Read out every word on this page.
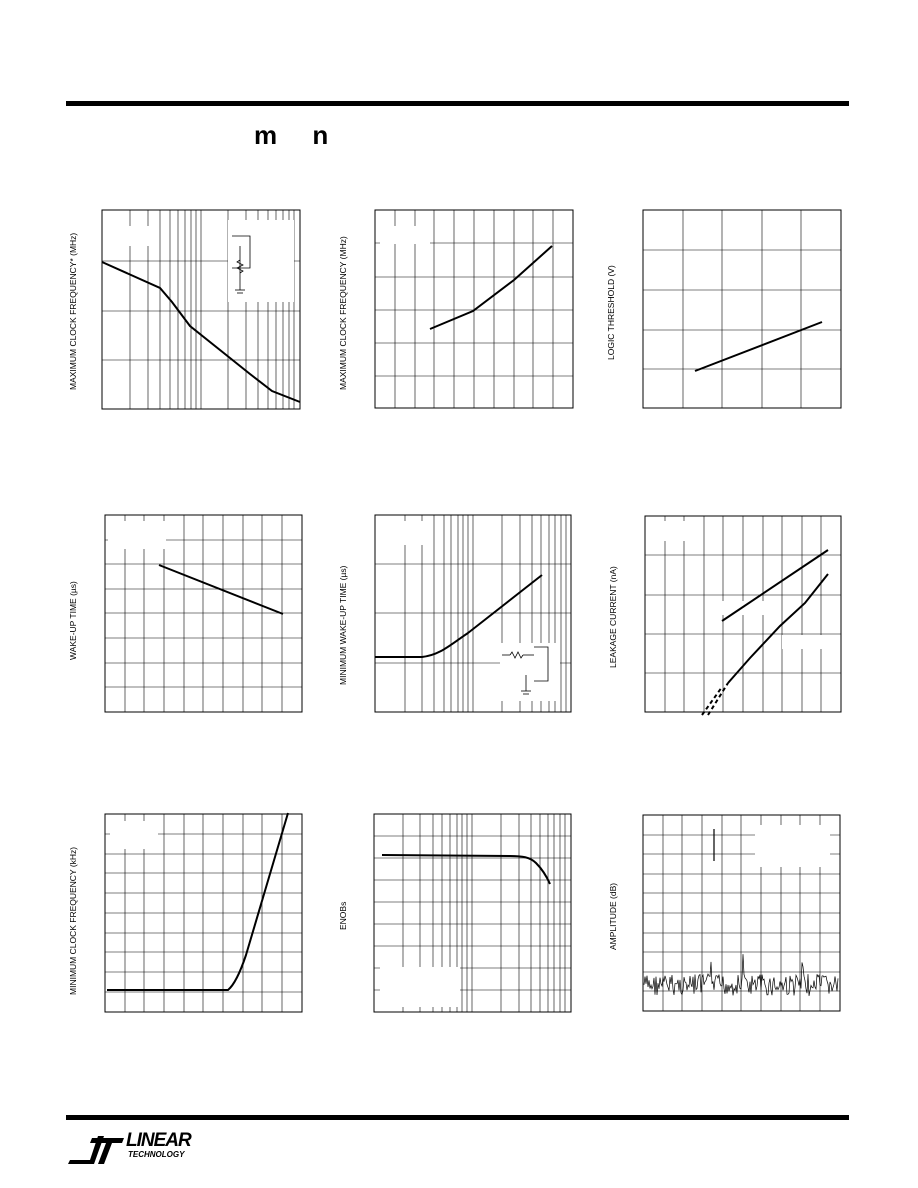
m n
MAXIMUM CLOCK FREQUENCY* (MHz)	MAXIMUM CLOCK FREQUENCY (MHz)	LOGIC THRESHOLD (V)
WAKE-UP TIME (µs)	MINIMUM WAKE-UP TIME (µs)	LEAKAGE CURRENT (nA)
MINIMUM CLOCK FREQUENCY (kHz)	ENOBs	AMPLITUDE (dB)
LINEAR
TECHNOLOGY
